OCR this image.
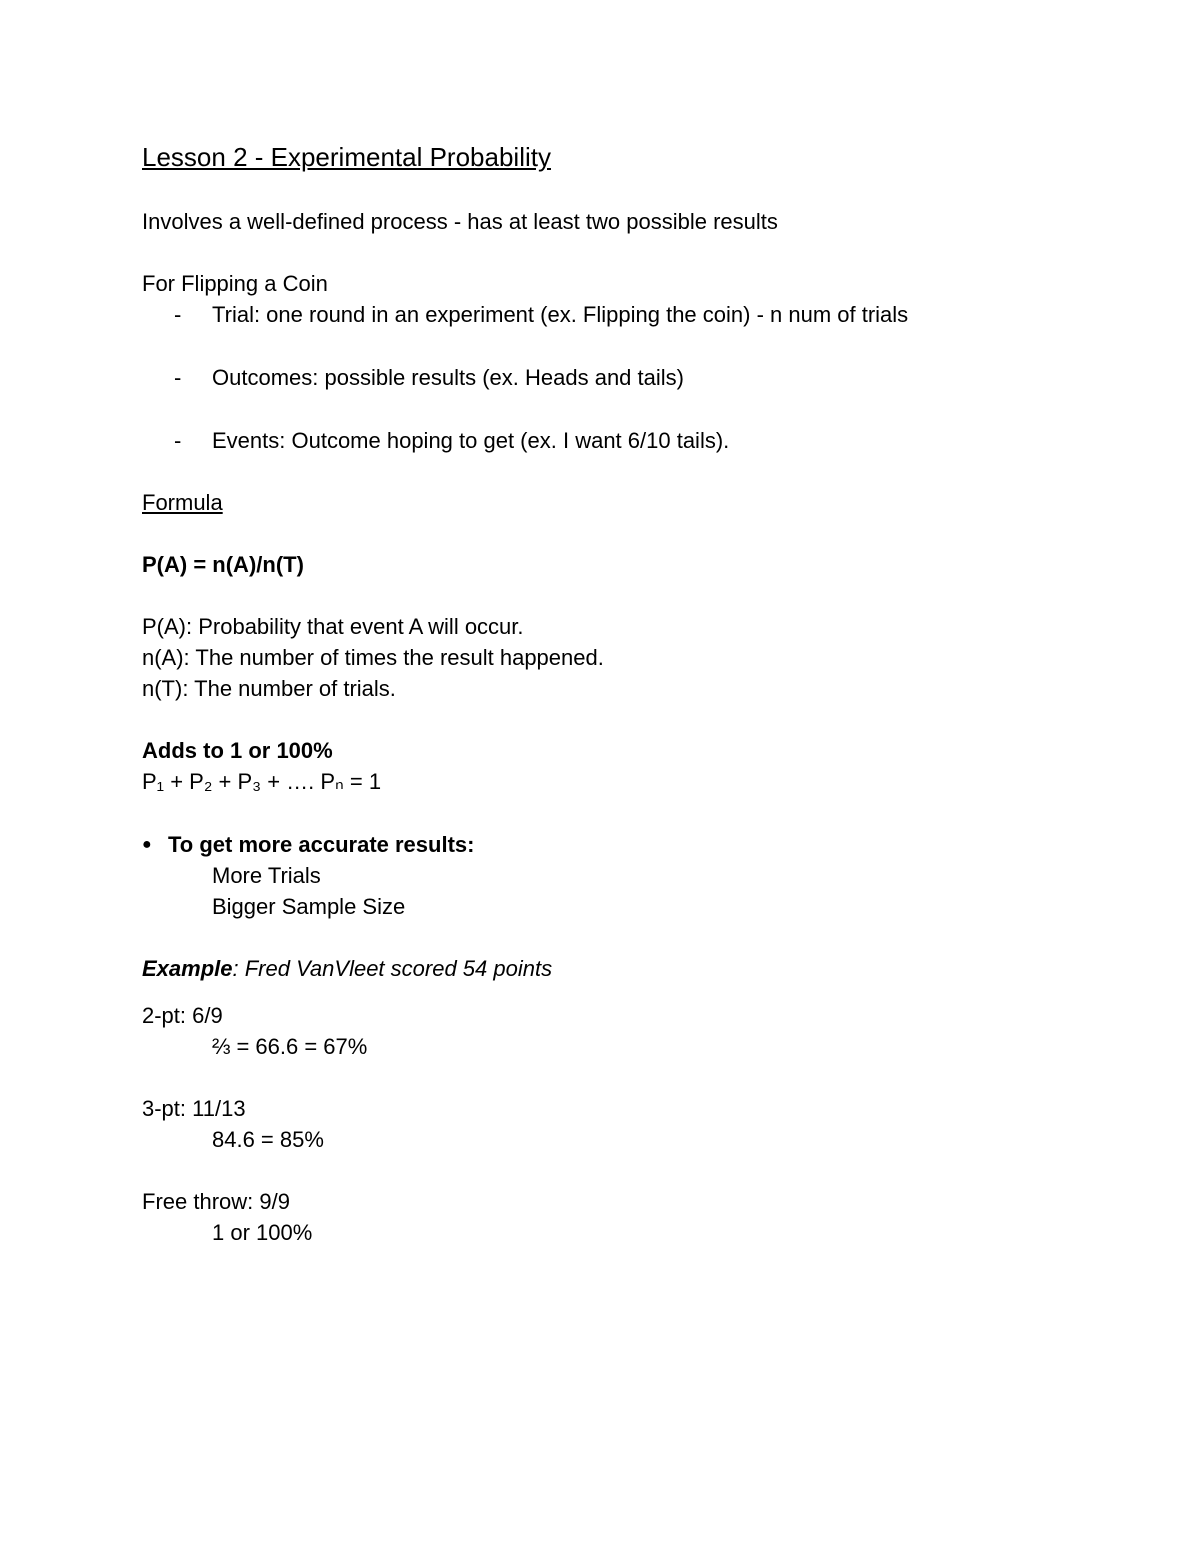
Lesson 2 - Experimental Probability
Involves a well-defined process - has at least two possible results
For Flipping a Coin
- Trial: one round in an experiment (ex. Flipping the coin) - n num of trials
- Outcomes: possible results (ex. Heads and tails)
- Events: Outcome hoping to get (ex. I want 6/10 tails).
Formula
P(A) = n(A)/n(T)
P(A): Probability that event A will occur.
n(A): The number of times the result happened.
n(T): The number of trials.
Adds to 1 or 100%
P₁ + P₂ + P₃ + …. Pₙ = 1
● To get more accurate results:
More Trials
Bigger Sample Size
Example: Fred VanVleet scored 54 points
2-pt: 6/9
⅔ = 66.6 = 67%
3-pt: 11/13
84.6 = 85%
Free throw: 9/9
1 or 100%
